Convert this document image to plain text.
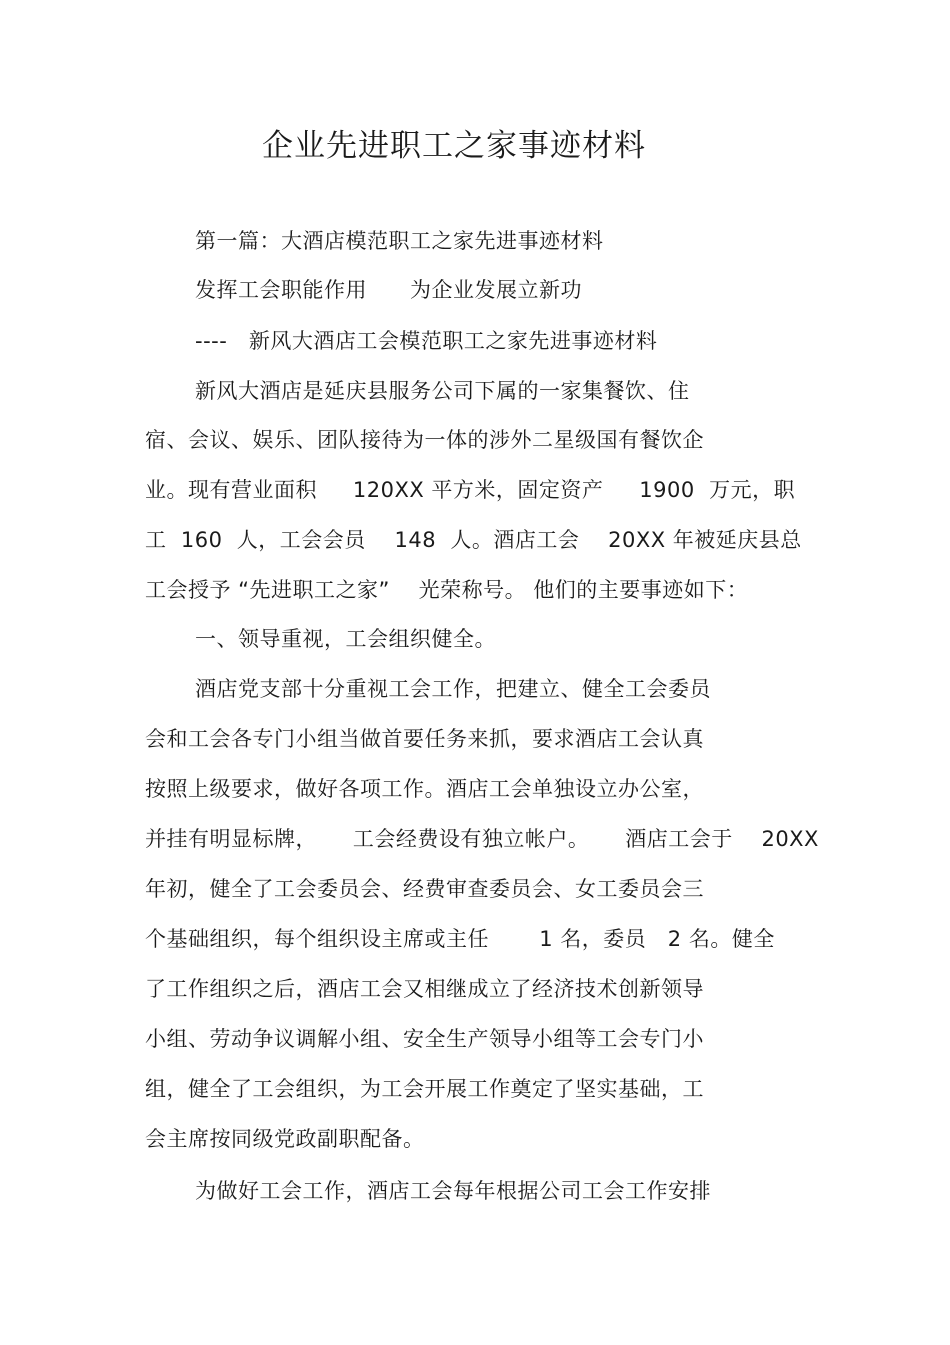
企业先进职工之家事迹材料
第一篇：大酒店模范职工之家先进事迹材料
发挥工会职能作用      为企业发展立新功
----   新风大酒店工会模范职工之家先进事迹材料
新风大酒店是延庆县服务公司下属的一家集餐饮、住
宿、会议、娱乐、团队接待为一体的涉外二星级国有餐饮企
业。现有营业面积     120XX 平方米，固定资产     1900  万元，职
工  160  人，工会会员    148  人。酒店工会    20XX 年被延庆县总
工会授予 “先进职工之家”    光荣称号。 他们的主要事迹如下：
一、领导重视，工会组织健全。
酒店党支部十分重视工会工作，把建立、健全工会委员
会和工会各专门小组当做首要任务来抓，要求酒店工会认真
按照上级要求，做好各项工作。酒店工会单独设立办公室，
并挂有明显标牌，     工会经费设有独立帐户。     酒店工会于    20XX
年初，健全了工会委员会、经费审查委员会、女工委员会三
个基础组织，每个组织设主席或主任       1 名，委员   2 名。健全
了工作组织之后，酒店工会又相继成立了经济技术创新领导
小组、劳动争议调解小组、安全生产领导小组等工会专门小
组，健全了工会组织，为工会开展工作奠定了坚实基础，工
会主席按同级党政副职配备。
为做好工会工作，酒店工会每年根据公司工会工作安排
